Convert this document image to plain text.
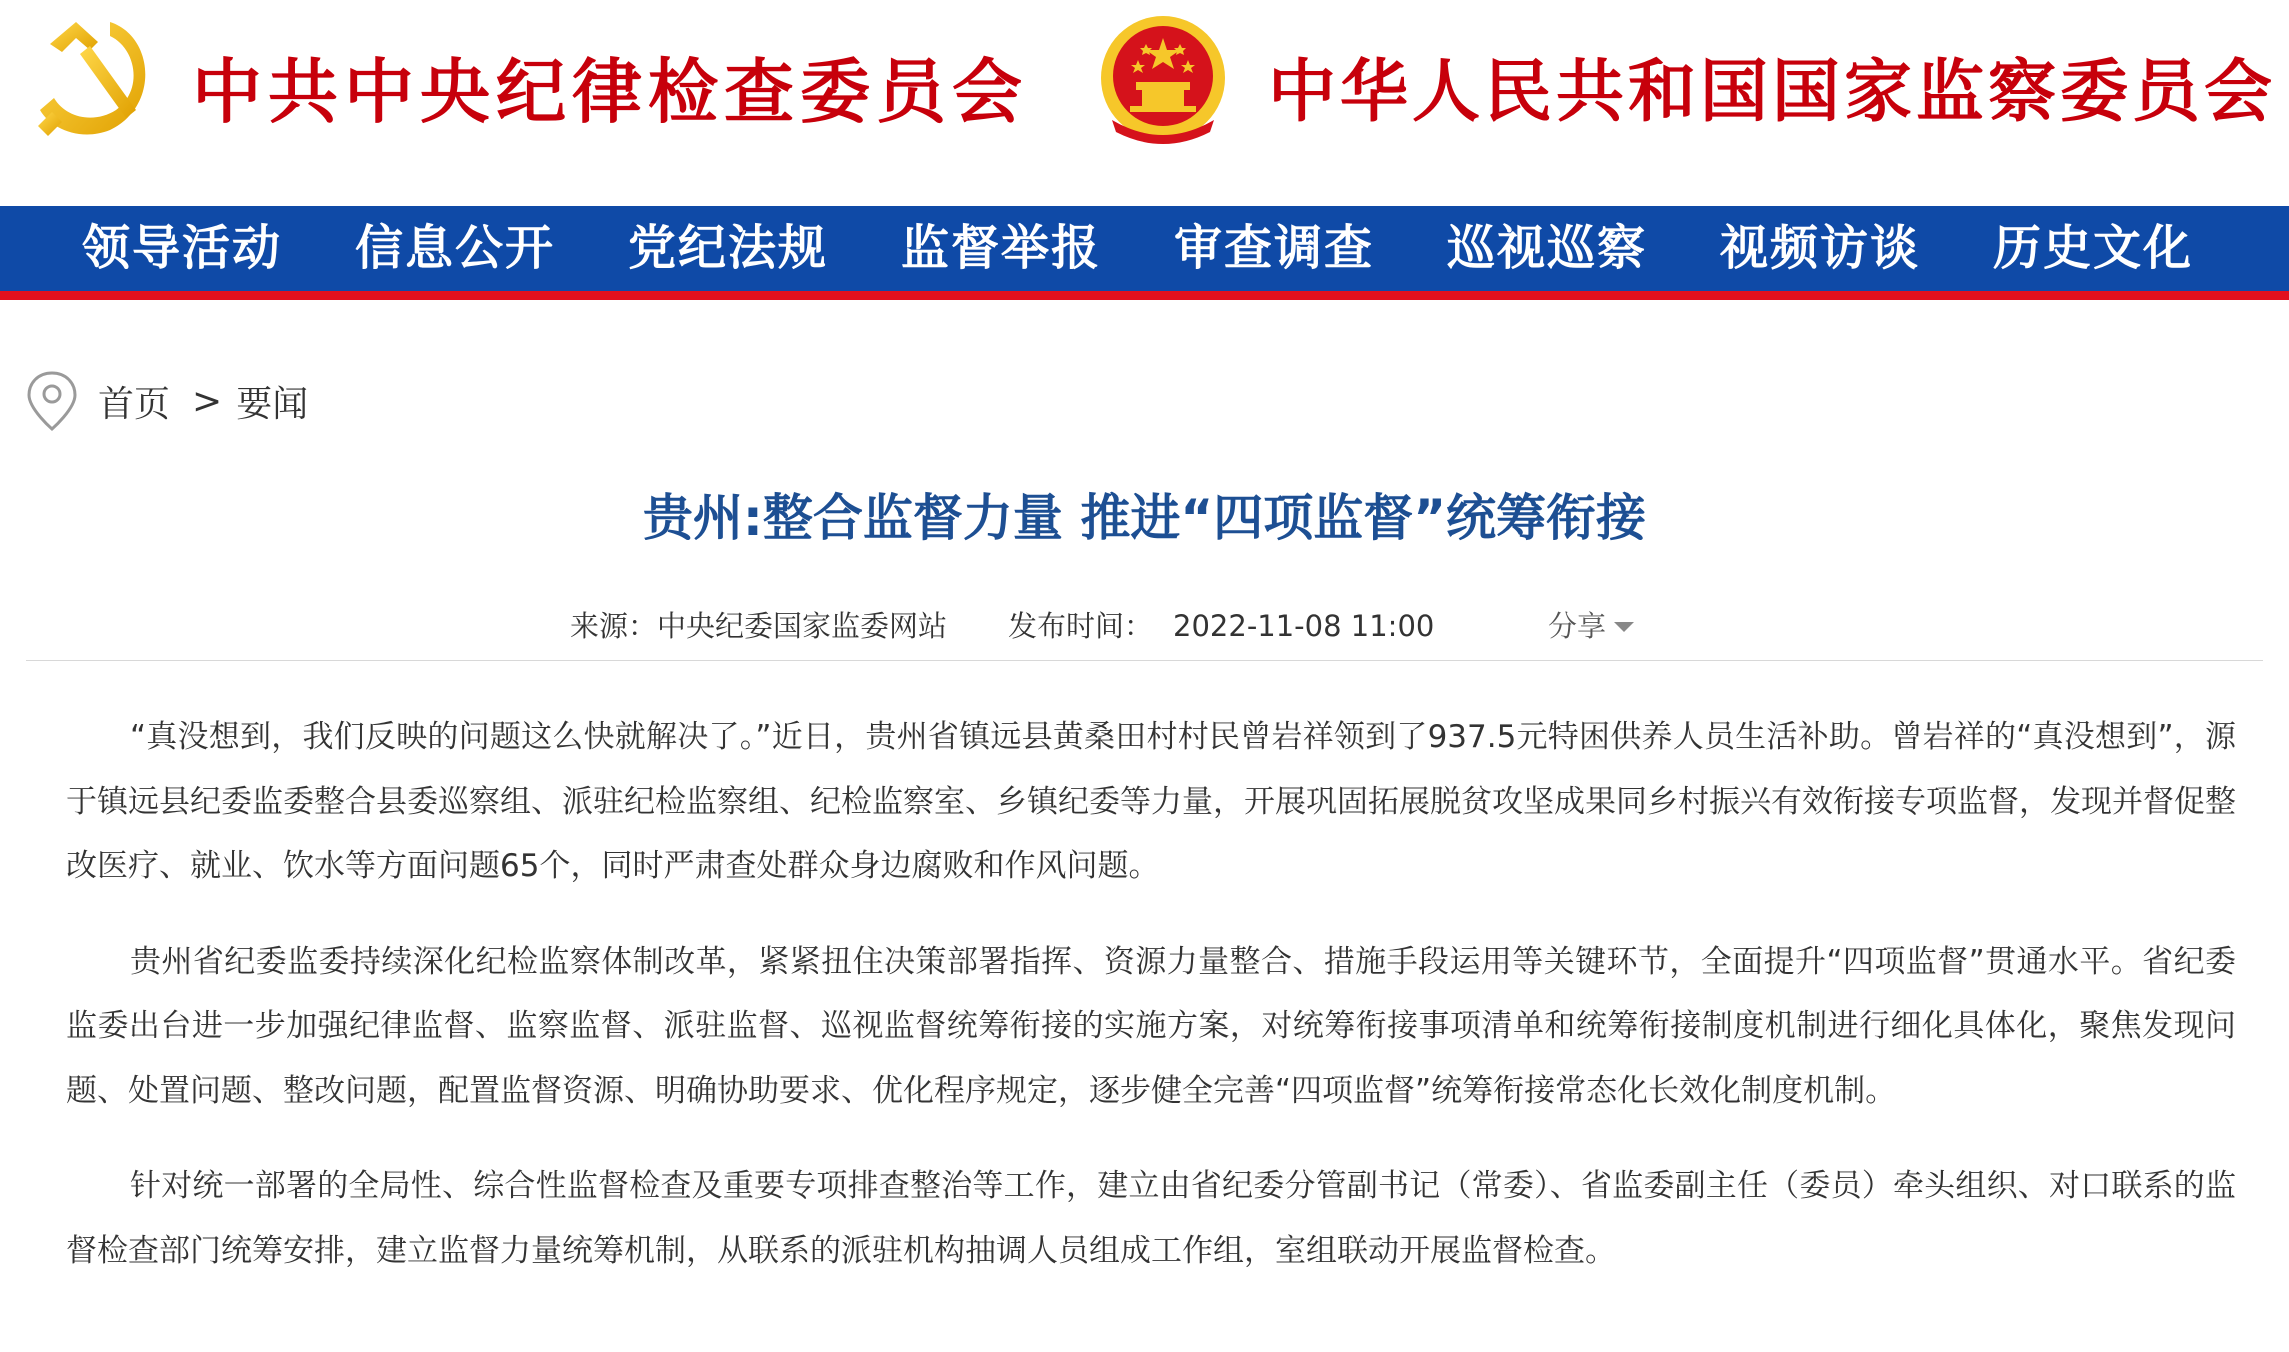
中共中央纪律检查委员会	中华人民共和国国家监察委员会
领导活动	信息公开	党纪法规	监督举报	审查调查	巡视巡察	视频访谈	历史文化
首页 > 要闻
贵州:整合监督力量 推进“四项监督”统筹衔接
来源：中央纪委国家监委网站 发布时间： 2022-11-08 11:00	分享

“真没想到，我们反映的问题这么快就解决了。”近日，贵州省镇远县黄桑田村村民曾岩祥领到了937.5元特困供养人员生活补助。曾岩祥的“真没想到”，源于镇远县纪委监委整合县委巡察组、派驻纪检监察组、纪检监察室、乡镇纪委等力量，开展巩固拓展脱贫攻坚成果同乡村振兴有效衔接专项监督，发现并督促整改医疗、就业、饮水等方面问题65个，同时严肃查处群众身边腐败和作风问题。

贵州省纪委监委持续深化纪检监察体制改革，紧紧扭住决策部署指挥、资源力量整合、措施手段运用等关键环节，全面提升“四项监督”贯通水平。省纪委监委出台进一步加强纪律监督、监察监督、派驻监督、巡视监督统筹衔接的实施方案，对统筹衔接事项清单和统筹衔接制度机制进行细化具体化，聚焦发现问题、处置问题、整改问题，配置监督资源、明确协助要求、优化程序规定，逐步健全完善“四项监督”统筹衔接常态化长效化制度机制。

针对统一部署的全局性、综合性监督检查及重要专项排查整治等工作，建立由省纪委分管副书记（常委）、省监委副主任（委员）牵头组织、对口联系的监督检查部门统筹安排，建立监督力量统筹机制，从联系的派驻机构抽调人员组成工作组，室组联动开展监督检查。
